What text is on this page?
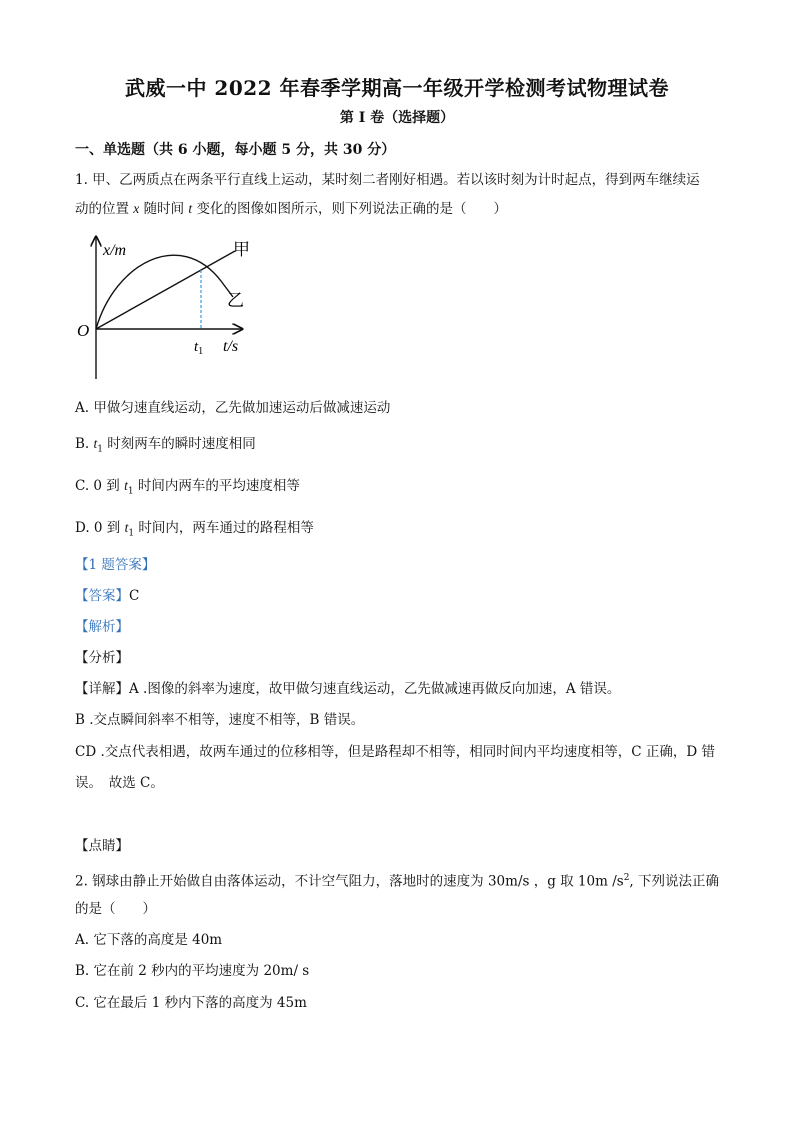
武威一中 2022 年春季学期高一年级开学检测考试物理试卷
第 I 卷（选择题）
一、单选题（共 6 小题，每小题 5 分，共 30 分）
1. 甲、乙两质点在两条平行直线上运动，某时刻二者刚好相遇。若以该时刻为计时起点，得到两车继续运
动的位置 x 随时间 t 变化的图像如图所示，则下列说法正确的是（　　）
x/m
t/s
O
$t_1$
甲
乙
A. 甲做匀速直线运动，乙先做加速运动后做减速运动
B. $t_1$ 时刻两车的瞬时速度相同
C. 0 到 $t_1$ 时间内两车的平均速度相等
D. 0 到 $t_1$ 时间内，两车通过的路程相等
【1 题答案】
【答案】C
【解析】
【分析】
【详解】A .图像的斜率为速度，故甲做匀速直线运动，乙先做减速再做反向加速，A 错误。
B .交点瞬间斜率不相等，速度不相等，B 错误。
CD .交点代表相遇，故两车通过的位移相等，但是路程却不相等，相同时间内平均速度相等，C 正确，D 错
误。　故选 C。
【点睛】
2. 钢球由静止开始做自由落体运动，不计空气阻力，落地时的速度为 30m/s ，g 取 10m $/s^2$, 下列说法正确
的是（　　）
A. 它下落的高度是 40m
B. 它在前 2 秒内的平均速度为 20m/ s
C. 它在最后 1 秒内下落的高度为 45m
